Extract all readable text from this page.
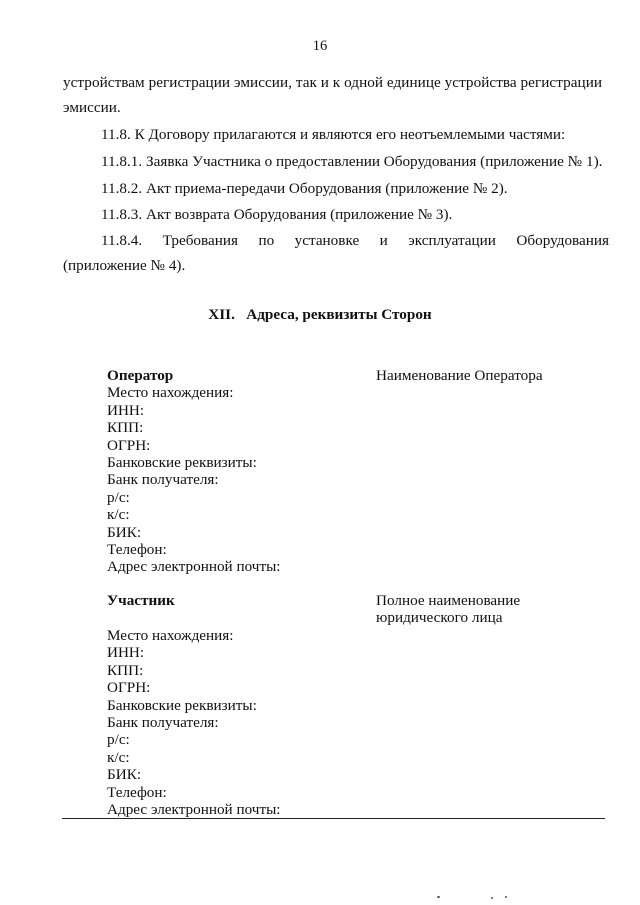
16
устройствам регистрации эмиссии, так и к одной единице устройства регистрации
эмиссии.
11.8. К Договору прилагаются и являются его неотъемлемыми частями:
11.8.1. Заявка Участника о предоставлении Оборудования (приложение № 1).
11.8.2. Акт приема-передачи Оборудования (приложение № 2).
11.8.3. Акт возврата Оборудования (приложение № 3).
11.8.4. Требования по установке и эксплуатации Оборудования
(приложение № 4).
XII.   Адреса, реквизиты Сторон
Оператор
Место нахождения:
ИНН:
КПП:
ОГРН:
Банковские реквизиты:
Банк получателя:
р/с:
к/с:
БИК:
Телефон:
Адрес электронной почты:
Наименование Оператора
Участник	Полное наименование
юридического лица
Место нахождения:
ИНН:
КПП:
ОГРН:
Банковские реквизиты:
Банк получателя:
р/с:
к/с:
БИК:
Телефон:
Адрес электронной почты:
